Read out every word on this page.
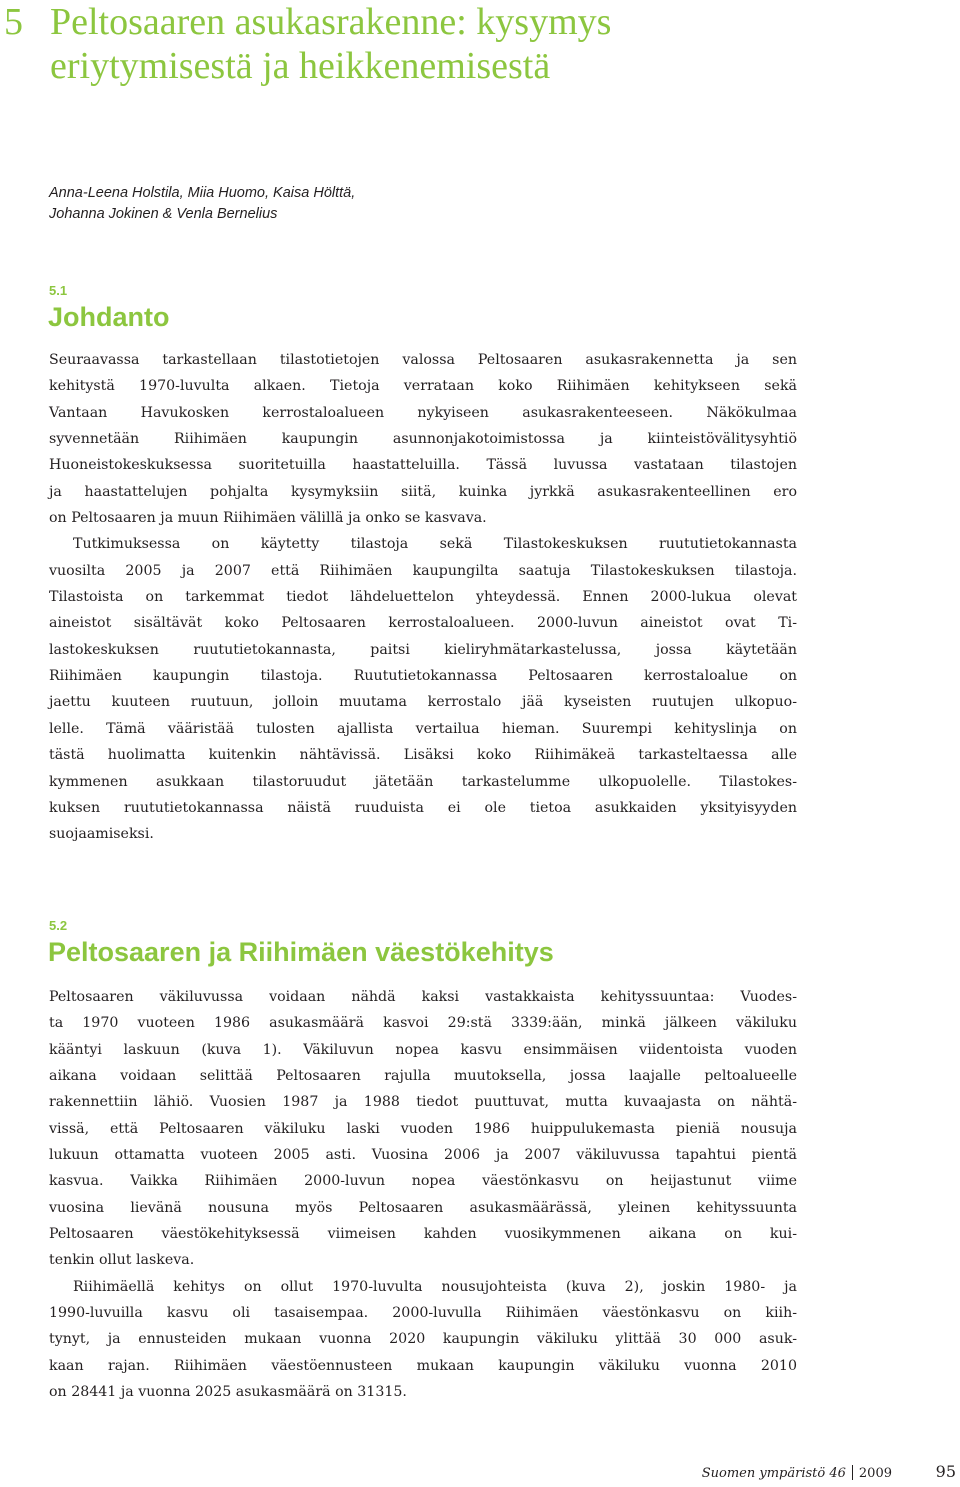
5 Peltosaaren asukasrakenne: kysymys
eriytymisestä ja heikkenemisestä
Anna-Leena Holstila, Miia Huomo, Kaisa Hölttä,
Johanna Jokinen & Venla Bernelius
5.1
Johdanto
Seuraavassa tarkastellaan tilastotietojen valossa Peltosaaren asukasrakennetta ja sen
kehitystä 1970-luvulta alkaen. Tietoja verrataan koko Riihimäen kehitykseen sekä
Vantaan Havukosken kerrostaloalueen nykyiseen asukasrakenteeseen. Näkökulmaa
syvennetään Riihimäen kaupungin asunnonjakotoimistossa ja kiinteistövälitysyhtiö
Huoneistokeskuksessa suoritetuilla haastatteluilla. Tässä luvussa vastataan tilastojen
ja haastattelujen pohjalta kysymyksiin siitä, kuinka jyrkkä asukasrakenteellinen ero
on Peltosaaren ja muun Riihimäen välillä ja onko se kasvava.
Tutkimuksessa on käytetty tilastoja sekä Tilastokeskuksen ruututietokannasta
vuosilta 2005 ja 2007 että Riihimäen kaupungilta saatuja Tilastokeskuksen tilastoja.
Tilastoista on tarkemmat tiedot lähdeluettelon yhteydessä. Ennen 2000-lukua olevat
aineistot sisältävät koko Peltosaaren kerrostaloalueen. 2000-luvun aineistot ovat Ti-
lastokeskuksen ruututietokannasta, paitsi kieliryhmätarkastelussa, jossa käytetään
Riihimäen kaupungin tilastoja. Ruututietokannassa Peltosaaren kerrostaloalue on
jaettu kuuteen ruutuun, jolloin muutama kerrostalo jää kyseisten ruutujen ulkopuo-
lelle. Tämä vääristää tulosten ajallista vertailua hieman. Suurempi kehityslinja on
tästä huolimatta kuitenkin nähtävissä. Lisäksi koko Riihimäkeä tarkasteltaessa alle
kymmenen asukkaan tilastoruudut jätetään tarkastelumme ulkopuolelle. Tilastokes-
kuksen ruututietokannassa näistä ruuduista ei ole tietoa asukkaiden yksityisyyden
suojaamiseksi.
5.2
Peltosaaren ja Riihimäen väestökehitys
Peltosaaren väkiluvussa voidaan nähdä kaksi vastakkaista kehityssuuntaa: Vuodes-
ta 1970 vuoteen 1986 asukasmäärä kasvoi 29:stä 3339:ään, minkä jälkeen väkiluku
kääntyi laskuun (kuva 1). Väkiluvun nopea kasvu ensimmäisen viidentoista vuoden
aikana voidaan selittää Peltosaaren rajulla muutoksella, jossa laajalle peltoalueelle
rakennettiin lähiö. Vuosien 1987 ja 1988 tiedot puuttuvat, mutta kuvaajasta on nähtä-
vissä, että Peltosaaren väkiluku laski vuoden 1986 huippulukemasta pieniä nousuja
lukuun ottamatta vuoteen 2005 asti. Vuosina 2006 ja 2007 väkiluvussa tapahtui pientä
kasvua. Vaikka Riihimäen 2000-luvun nopea väestönkasvu on heijastunut viime
vuosina lievänä nousuna myös Peltosaaren asukasmäärässä, yleinen kehityssuunta
Peltosaaren väestökehityksessä viimeisen kahden vuosikymmenen aikana on kui-
tenkin ollut laskeva.
Riihimäellä kehitys on ollut 1970-luvulta nousujohteista (kuva 2), joskin 1980- ja
1990-luvuilla kasvu oli tasaisempaa. 2000-luvulla Riihimäen väestönkasvu on kiih-
tynyt, ja ennusteiden mukaan vuonna 2020 kaupungin väkiluku ylittää 30 000 asuk-
kaan rajan. Riihimäen väestöennusteen mukaan kaupungin väkiluku vuonna 2010
on 28441 ja vuonna 2025 asukasmäärä on 31315.
Suomen ympäristö 46 2009	95
